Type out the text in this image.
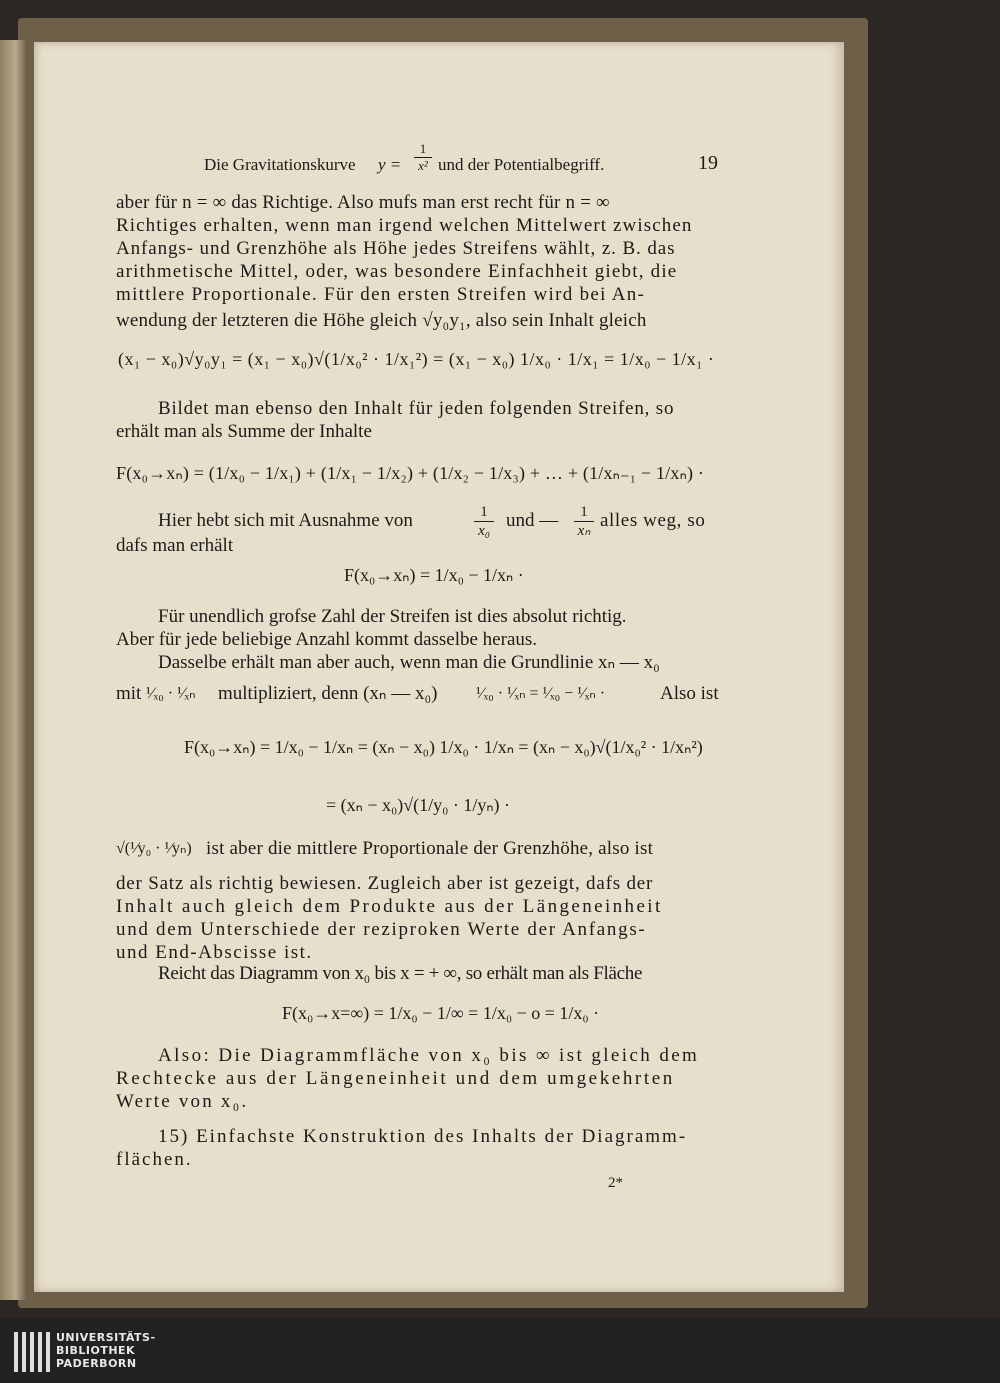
Die Gravitationskurve y =
1
x² und der Potentialbegriff.	19
aber für n = ∞ das Richtige. Also mufs man erst recht für n = ∞
Richtiges erhalten, wenn man irgend welchen Mittelwert zwischen
Anfangs- und Grenzhöhe als Höhe jedes Streifens wählt, z. B. das
arithmetische Mittel, oder, was besondere Einfachheit giebt, die
mittlere Proportionale. Für den ersten Streifen wird bei An-
wendung der letzteren die Höhe gleich √y₀y₁, also sein Inhalt gleich
(x₁ − x₀)√y₀y₁ = (x₁ − x₀)√(1/x₀² · 1/x₁²) = (x₁ − x₀) 1/x₀ · 1/x₁ = 1/x₀ − 1/x₁ ·
Bildet man ebenso den Inhalt für jeden folgenden Streifen, so
erhält man als Summe der Inhalte
F(x₀→xₙ) = (1/x₀ − 1/x₁) + (1/x₁ − 1/x₂) + (1/x₂ − 1/x₃) + … + (1/xₙ₋₁ − 1/xₙ) ·
Hier hebt sich mit Ausnahme von	1
x₀ und —	1
xₙ alles weg, so
dafs man erhält
F(x₀→xₙ) = 1/x₀ − 1/xₙ ·
Für unendlich grofse Zahl der Streifen ist dies absolut richtig.
Aber für jede beliebige Anzahl kommt dasselbe heraus.
Dasselbe erhält man aber auch, wenn man die Grundlinie xₙ — x₀
mit ¹⁄ₓ₀ · ¹⁄ₓₙ multipliziert, denn (xₙ — x₀) ¹⁄ₓ₀ · ¹⁄ₓₙ = ¹⁄ₓ₀ − ¹⁄ₓₙ ·	Also ist
F(x₀→xₙ) = 1/x₀ − 1/xₙ = (xₙ − x₀) 1/x₀ · 1/xₙ = (xₙ − x₀)√(1/x₀² · 1/xₙ²)
= (xₙ − x₀)√(1/y₀ · 1/yₙ) ·
√(¹⁄y₀ · ¹⁄yₙ) ist aber die mittlere Proportionale der Grenzhöhe, also ist
der Satz als richtig bewiesen. Zugleich aber ist gezeigt, dafs der
Inhalt auch gleich dem Produkte aus der Längeneinheit
und dem Unterschiede der reziproken Werte der Anfangs-
und End-Abscisse ist.
Reicht das Diagramm von x₀ bis x = + ∞, so erhält man als Fläche
F(x₀→x=∞) = 1/x₀ − 1/∞ = 1/x₀ − o = 1/x₀ ·
Also: Die Diagrammfläche von x₀ bis ∞ ist gleich dem
Rechtecke aus der Längeneinheit und dem umgekehrten
Werte von x₀.
15) Einfachste Konstruktion des Inhalts der Diagramm-
flächen.
2*
UNIVERSITÄTS-
BIBLIOTHEK
PADERBORN
